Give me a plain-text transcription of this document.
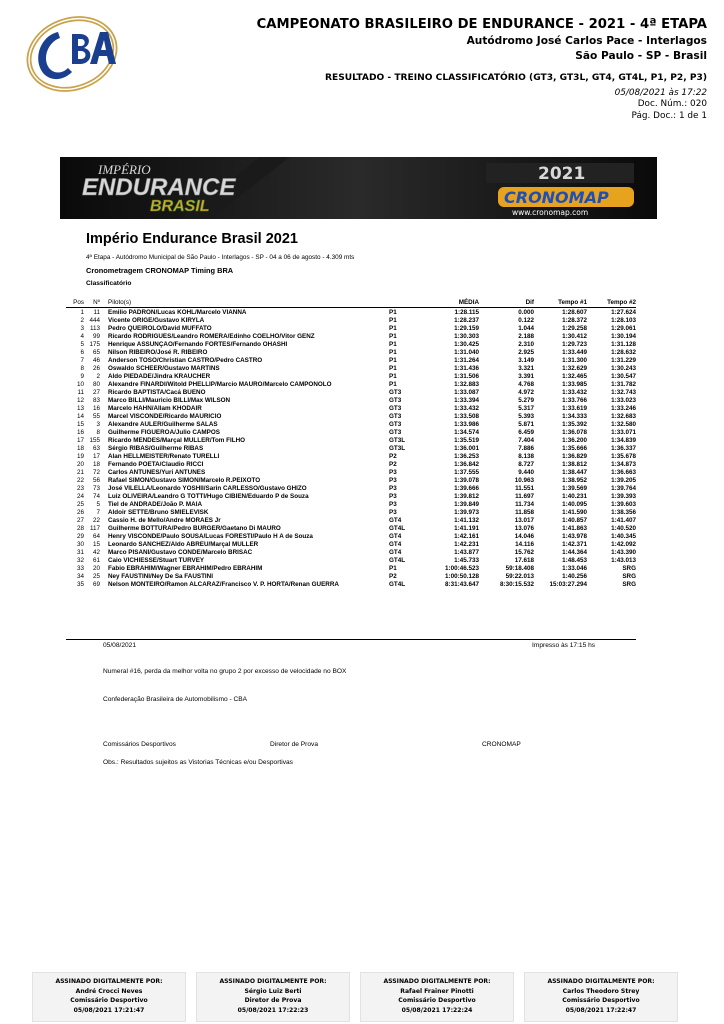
CAMPEONATO BRASILEIRO DE ENDURANCE - 2021 - 4ª ETAPA
Autódromo José Carlos Pace - Interlagos
São Paulo - SP - Brasil
RESULTADO - TREINO CLASSIFICATÓRIO (GT3, GT3L, GT4, GT4L, P1, P2, P3)
05/08/2021 às 17:22
Doc. Núm.: 020
Pág. Doc.: 1 de 1
IMPÉRIO
ENDURANCE
BRASIL
2021
CRONOMAP
www.cronomap.com
Império Endurance Brasil 2021
4ª Etapa - Autódromo Municipal de São Paulo - Interlagos - SP - 04 a 06 de agosto - 4.309 mts
Cronometragem CRONOMAP Timing BRA
Classificatório
Pos	Nº	Piloto(s)		MÉDIA	Dif	Tempo #1	Tempo #2
1	11	Emilio PADRON/Lucas KOHL/Marcelo VIANNA	P1	1:28.115	0.000	1:28.607	1:27.624
2	444	Vicente ORIGE/Gustavo KIRYLA	P1	1:28.237	0.122	1:28.372	1:28.103
3	113	Pedro QUEIROLO/David MUFFATO	P1	1:29.159	1.044	1:29.258	1:29.061
4	99	Ricardo RODRIGUES/Leandro ROMERA/Edinho COELHO/Vitor GENZ	P1	1:30.303	2.188	1:30.412	1:30.194
5	175	Henrique ASSUNÇÃO/Fernando FORTES/Fernando OHASHI	P1	1:30.425	2.310	1:29.723	1:31.128
6	65	Nilson RIBEIRO/José R. RIBEIRO	P1	1:31.040	2.925	1:33.449	1:28.632
7	46	Anderson TOSO/Christian CASTRO/Pedro CASTRO	P1	1:31.264	3.149	1:31.300	1:31.229
8	26	Oswaldo SCHEER/Gustavo MARTINS	P1	1:31.436	3.321	1:32.629	1:30.243
9	2	Aldo PIEDADE/Jindra KRAUCHER	P1	1:31.506	3.391	1:32.465	1:30.547
10	80	Alexandre FINARDI/Witold PHELLIP/Marcio MAURO/Marcelo CAMPONOLO	P1	1:32.883	4.768	1:33.985	1:31.782
11	27	Ricardo BAPTISTA/Cacá BUENO	GT3	1:33.087	4.972	1:33.432	1:32.743
12	83	Marco BILLI/Mauricio BILLI/Max WILSON	GT3	1:33.394	5.279	1:33.766	1:33.023
13	16	Marcelo HAHN/Allam KHODAIR	GT3	1:33.432	5.317	1:33.619	1:33.246
14	55	Marcel VISCONDE/Ricardo MAURICIO	GT3	1:33.508	5.393	1:34.333	1:32.683
15	3	Alexandre AULER/Guilherme SALAS	GT3	1:33.986	5.871	1:35.392	1:32.580
16	8	Guilherme FIGUEROA/Julio CAMPOS	GT3	1:34.574	6.459	1:36.078	1:33.071
17	155	Ricardo MENDES/Marçal MULLER/Tom FILHO	GT3L	1:35.519	7.404	1:36.200	1:34.839
18	63	Sérgio RIBAS/Guilherme RIBAS	GT3L	1:36.001	7.886	1:35.666	1:36.337
19	17	Alan HELLMEISTER/Renato TURELLI	P2	1:36.253	8.138	1:36.829	1:35.678
20	18	Fernando POETA/Claudio RICCI	P2	1:36.842	8.727	1:38.812	1:34.873
21	72	Carlos ANTUNES/Yuri ANTUNES	P3	1:37.555	9.440	1:38.447	1:36.663
22	56	Rafael SIMON/Gustavo SIMON/Marcelo R.PEIXOTO	P3	1:39.078	10.963	1:38.952	1:39.205
23	73	José VILELLA/Leonardo YOSHII/Sarin CARLESSO/Gustavo GHIZO	P3	1:39.666	11.551	1:39.569	1:39.764
24	74	Luiz OLIVEIRA/Leandro G TOTTI/Hugo CIBIEN/Eduardo P de Souza	P3	1:39.812	11.697	1:40.231	1:39.393
25	5	Tiel de ANDRADE/João P. MAIA	P3	1:39.849	11.734	1:40.095	1:39.603
26	7	Aldoir SETTE/Bruno SMIELEVISK	P3	1:39.973	11.858	1:41.590	1:38.356
27	22	Cassio H. de Mello/Andre MORAES Jr	GT4	1:41.132	13.017	1:40.857	1:41.407
28	117	Guilherme BOTTURA/Pedro BÜRGER/Gaetano Di MAURO	GT4L	1:41.191	13.076	1:41.863	1:40.520
29	64	Henry VISCONDE/Paulo SOUSA/Lucas FORESTI/Paulo H A de Souza	GT4	1:42.161	14.046	1:43.978	1:40.345
30	15	Leonardo SANCHEZ/Aldo ABREU/Marçal MULLER	GT4	1:42.231	14.116	1:42.371	1:42.092
31	42	Marco PISANI/Gustavo CONDE/Marcelo BRISAC	GT4	1:43.877	15.762	1:44.364	1:43.390
32	61	Caio VICHIESSE/Stuart TURVEY	GT4L	1:45.733	17.618	1:48.453	1:43.013
33	20	Fabio EBRAHIM/Wagner EBRAHIM/Pedro EBRAHIM	P1	1:00:46.523	59:18.408	1:33.046	SRG
34	25	Ney FAUSTINI/Ney De Sa FAUSTINI	P2	1:00:50.128	59:22.013	1:40.256	SRG
35	69	Nelson MONTEIRO/Ramon ALCARAZ/Francisco V. P. HORTA/Renan GUERRA	GT4L	8:31:43.647	8:30:15.532	15:03:27.294	SRG
05/08/2021	Impresso às 17:15 hs
Numeral #16, perda da melhor volta no grupo 2 por excesso de velocidade no BOX
Confederação Brasileira de Automobilismo - CBA
Comissários Desportivos	Diretor de Prova	CRONOMAP
Obs.: Resultados sujeitos as Vistorias Técnicas e/ou Desportivas
ASSINADO DIGITALMENTE POR:
André Crocci Neves
Comissário Desportivo
05/08/2021 17:21:47
ASSINADO DIGITALMENTE POR:
Sérgio Luiz Berti
Diretor de Prova
05/08/2021 17:22:23
ASSINADO DIGITALMENTE POR:
Rafael Frainer Pinotti
Comissário Desportivo
05/08/2021 17:22:24
ASSINADO DIGITALMENTE POR:
Carlos Theodoro Strey
Comissário Desportivo
05/08/2021 17:22:47
